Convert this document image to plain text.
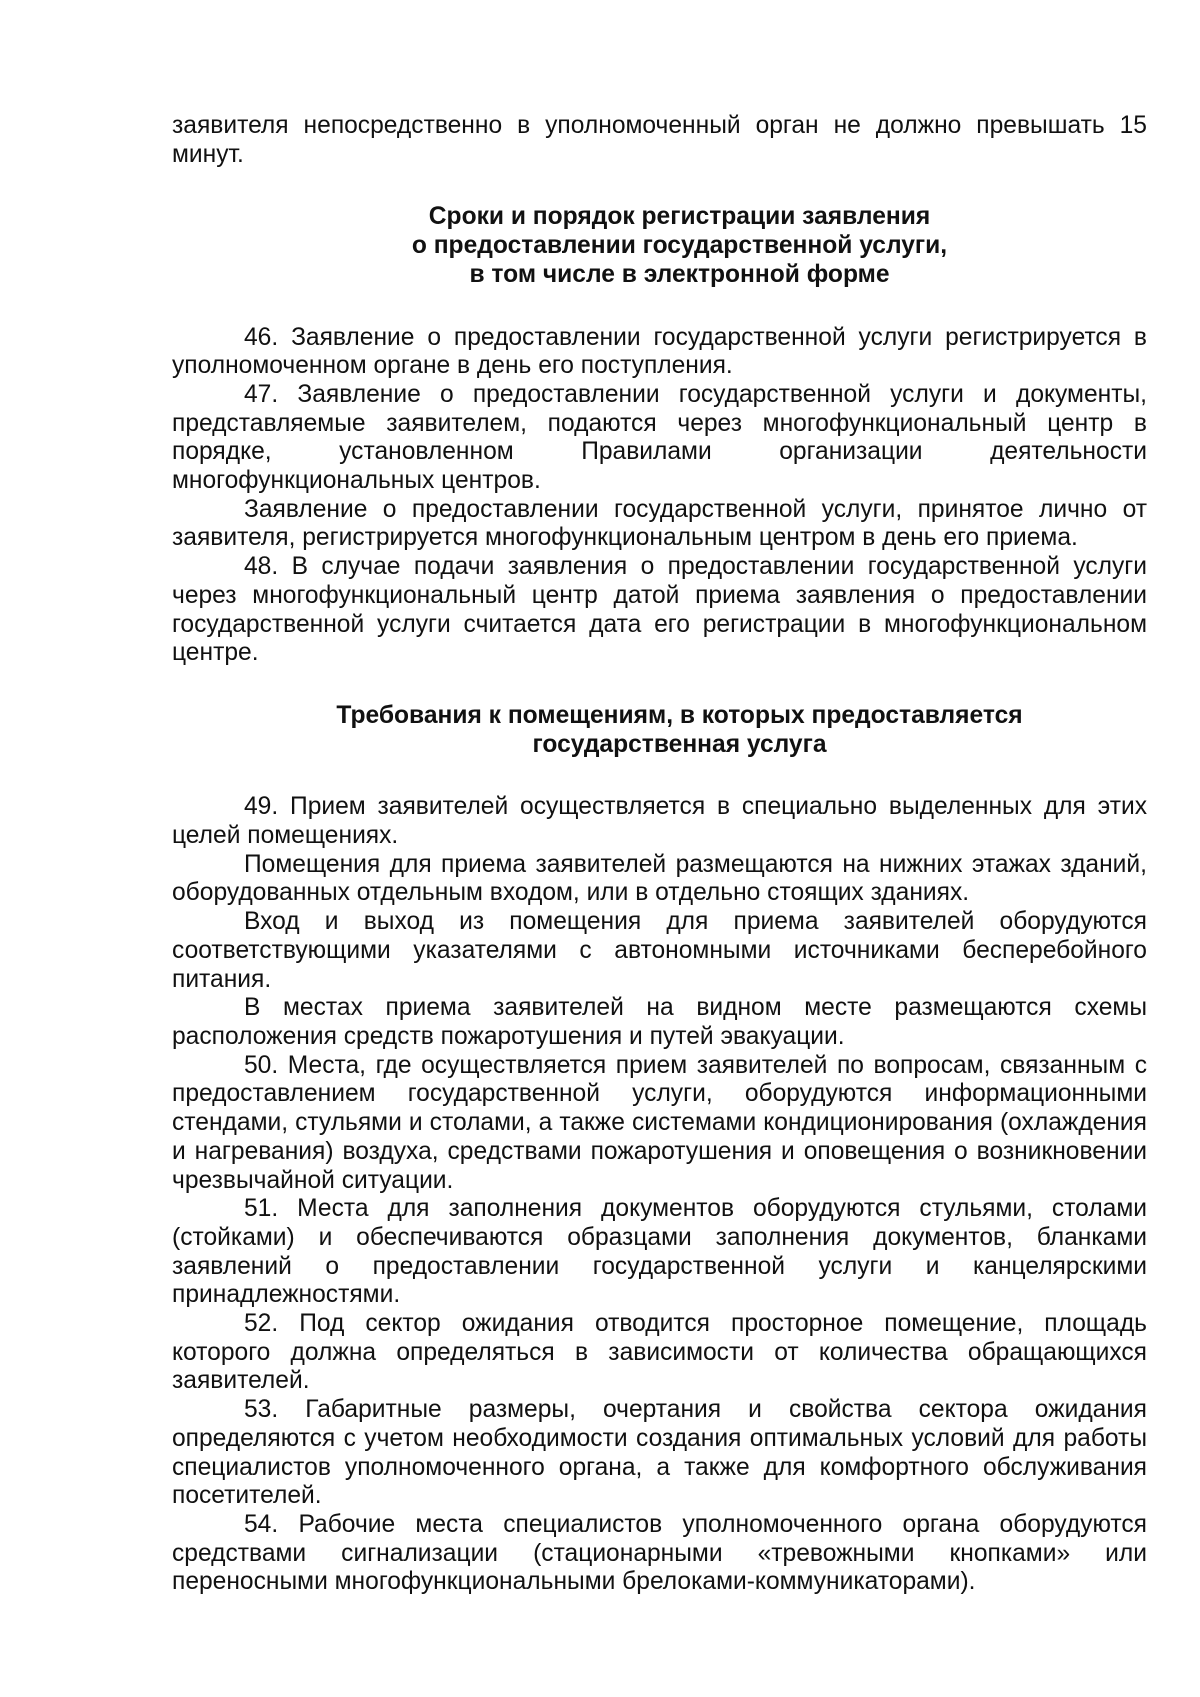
заявителя непосредственно в уполномоченный орган не должно превышать 15 минут.

Сроки и порядок регистрации заявления
о предоставлении государственной услуги,
в том числе в электронной форме

46. Заявление о предоставлении государственной услуги регистрируется в уполномоченном органе в день его поступления.

47. Заявление о предоставлении государственной услуги и документы, представляемые заявителем, подаются через многофункциональный центр в порядке, установленном Правилами организации деятельности многофункциональных центров.

Заявление о предоставлении государственной услуги, принятое лично от заявителя, регистрируется многофункциональным центром в день его приема.

48. В случае подачи заявления о предоставлении государственной услуги через многофункциональный центр датой приема заявления о предоставлении государственной услуги считается дата его регистрации в многофункциональном центре.

Требования к помещениям, в которых предоставляется
государственная услуга

49. Прием заявителей осуществляется в специально выделенных для этих целей помещениях.

Помещения для приема заявителей размещаются на нижних этажах зданий, оборудованных отдельным входом, или в отдельно стоящих зданиях.

Вход и выход из помещения для приема заявителей оборудуются соответствующими указателями с автономными источниками бесперебойного питания.

В местах приема заявителей на видном месте размещаются схемы расположения средств пожаротушения и путей эвакуации.

50. Места, где осуществляется прием заявителей по вопросам, связанным с предоставлением государственной услуги, оборудуются информационными стендами, стульями и столами, а также системами кондиционирования (охлаждения и нагревания) воздуха, средствами пожаротушения и оповещения о возникновении чрезвычайной ситуации.

51. Места для заполнения документов оборудуются стульями, столами (стойками) и обеспечиваются образцами заполнения документов, бланками заявлений о предоставлении государственной услуги и канцелярскими принадлежностями.

52. Под сектор ожидания отводится просторное помещение, площадь которого должна определяться в зависимости от количества обращающихся заявителей.

53. Габаритные размеры, очертания и свойства сектора ожидания определяются с учетом необходимости создания оптимальных условий для работы специалистов уполномоченного органа, а также для комфортного обслуживания посетителей.

54. Рабочие места специалистов уполномоченного органа оборудуются средствами сигнализации (стационарными «тревожными кнопками» или переносными многофункциональными брелоками-коммуникаторами).
